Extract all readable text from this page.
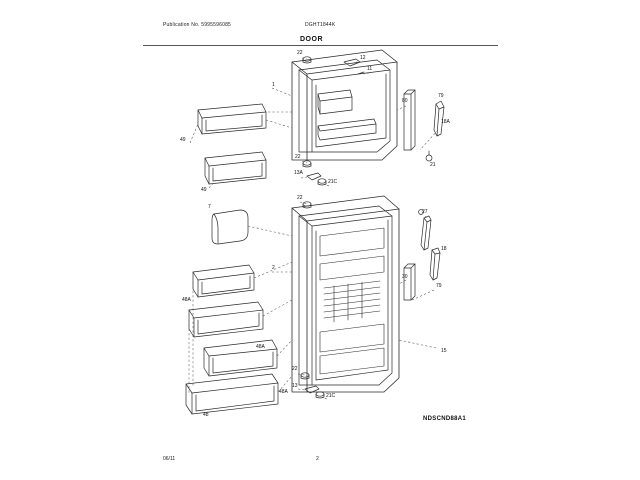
Publication No. 5995596085	DGHT1844K
DOOR
22
12
11
1
80
79
18A
49
21
22
13A
21C
49
22
7
27
18
2
30
79
48A
48A
15
22
13
48A
21C
48
NDSCND88A1
06/11	2
